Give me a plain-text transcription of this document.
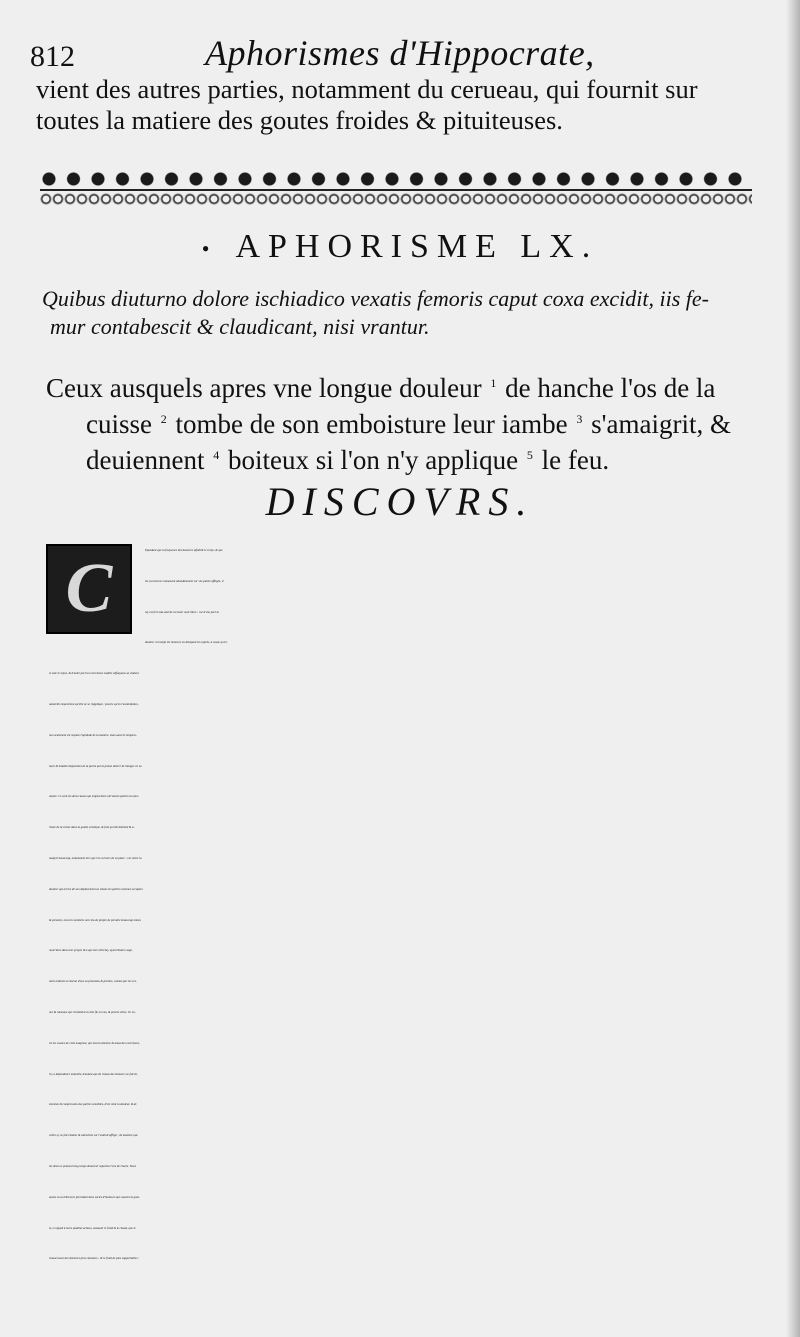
812	Aphorismes d'Hippocrate,

vient des autres parties, notamment du cerueau, qui fournit sur

toutes la matiere des goutes froides & pituiteuses.

• APHORISME LX.

Quibus diuturno dolore ischiadico vexatis femoris caput coxa excidit, iis fe-

mur contabescit & claudicant, nisi vrantur.

Ceux ausquels apres vne longue douleur $^1$ de hanche l'os de la

cuisse $^2$ tombe de son emboisture leur iambe $^3$ s'amaigrit, &

deuiennent $^4$ boiteux si l'on n'y applique $^5$ le feu.

DISCOVRS.
C	Ependant que la frequence des douleurs affoiblit le corps, & que

les excremens s'amassent abondamment sur vne partie affligée, il

luy est fort mal-aisé de receuoir nourriture : car d'vne part la

douleur corrompt les humeurs en dissipant les esprits, à cause qu'el-

le oste le repos, & d'autre part les excremens susdits suffoquans sa chaleur

naturelle empeschent qu'elle ne se l'applique ; pource qu'en l'assimilation,

non seulement est requise l'aptitude de la matiere, mais aussi le tempera-

ment & loüable disposition de la partie qui la puisse alterer & changer en sa

nature. Ce sont les deux causes qui empeschent entr'autres parties la nour-

riture de la cuisse dans la goutte sciatique, & font qu'elle diminuë & a-

maigrit beaucoup, notamment lors que l'os est hors de sa place : car outre la

douleur qui arriue de son déplacement en estans les parties voisines occupées

& pressées, tous les membres ont cela de propre de prendre beaucoup mieux

nourriture dans leur propre lieu que hors d'iceluy, ayant Nature sage-

ment ordonné à chacun d'eux sa prouision & portion, comme par les vei-

nes & rameaux qui s'insinüent à cette fin en eux, & proche d'eux. Or en-

tre les causes de cette maigreur, qui sont la douleur & amas des excremens,

il y a dépendance mutuelle, d'autant que de l'amas des humeurs se fait di-

stension & compression des parties sensibles, d'où vient la douleur, & de

celles-cy se fait chaleur & attraction sur l'endroit affligé ; de maniere que

les deux ne peuuent long temps demeurer separées l'vne de l'autre. Nous

auons eu au Discours precedant deux sortes d'humeurs qui causent la gout-

te, eu égard à leurs qualitez actiues, assauoir le froid & le chaud, que le

chaud cause des douleurs plus cuisantes ; & le froid de plus supportables :
